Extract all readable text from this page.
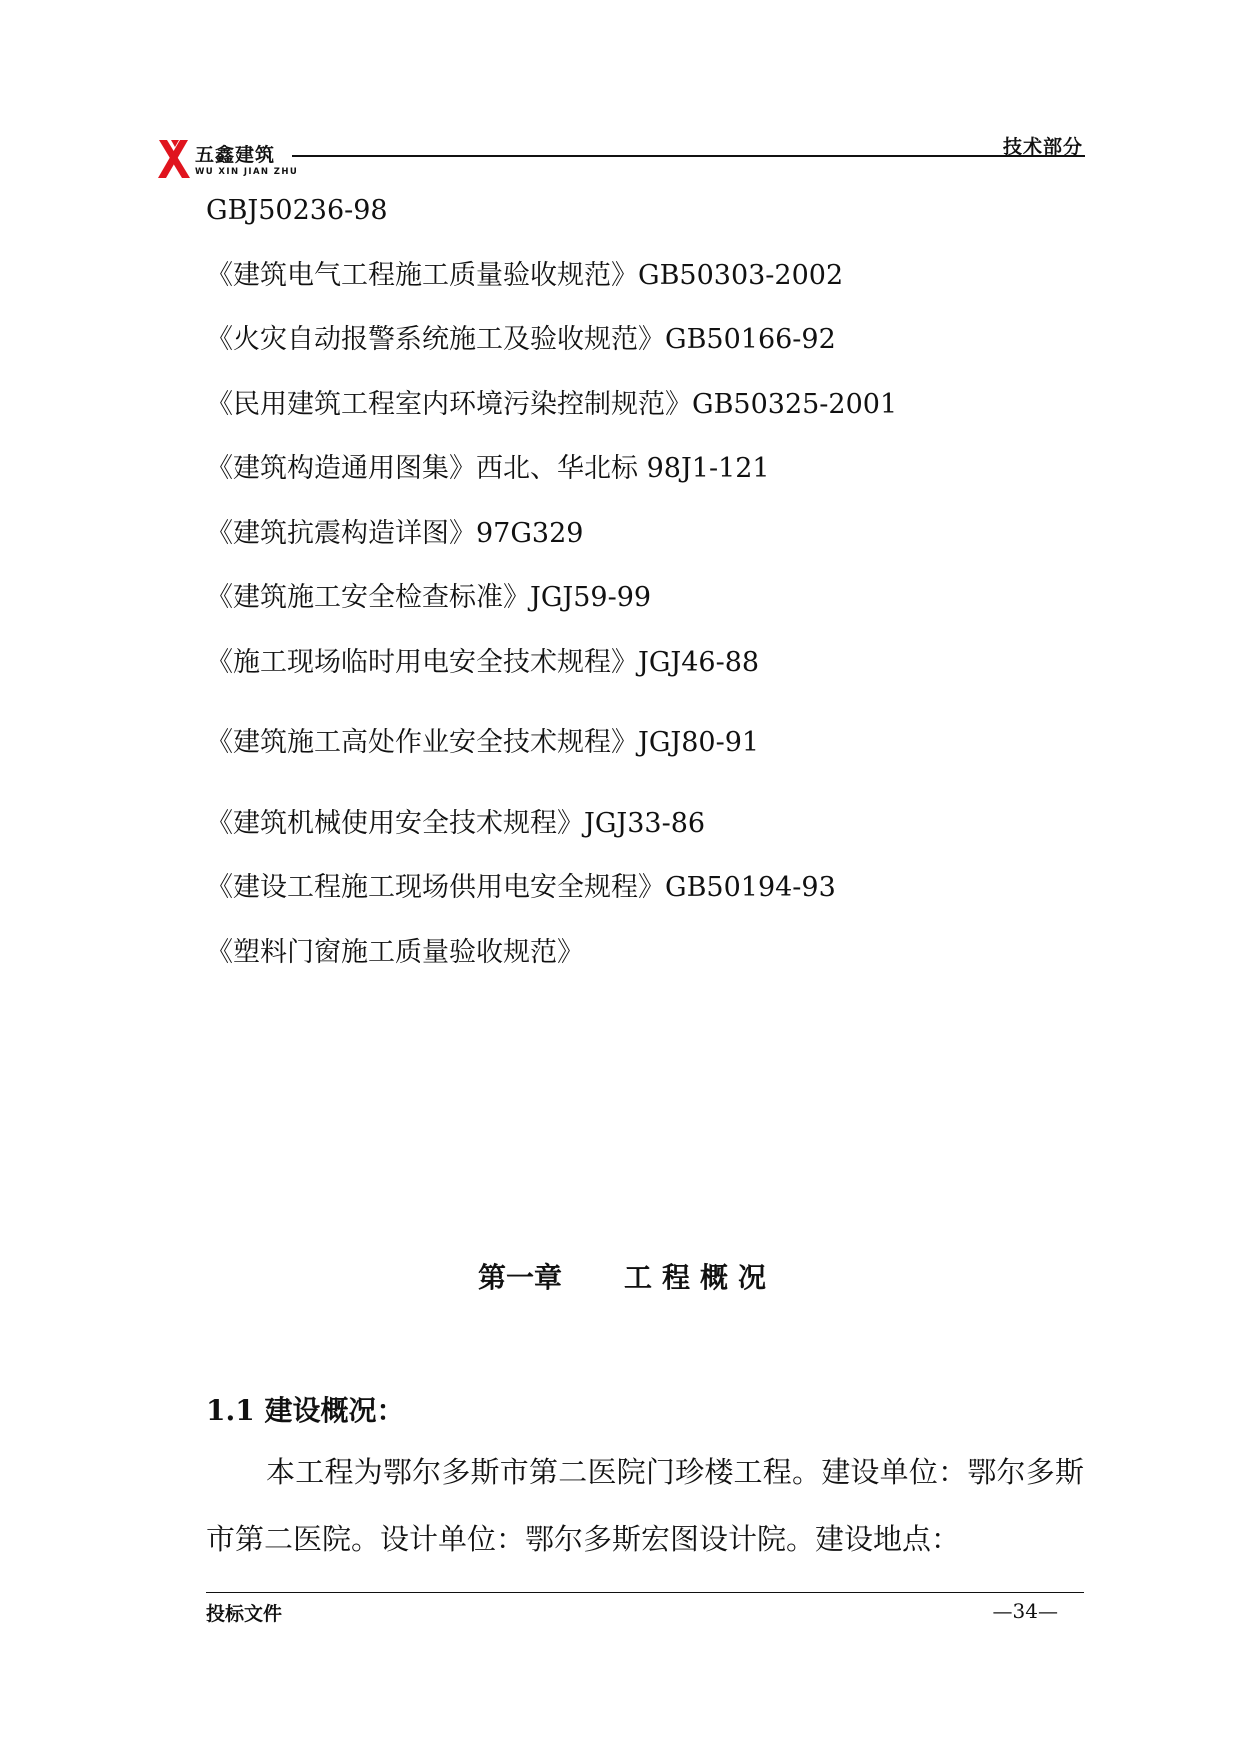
五鑫建筑
WU XIN JIAN ZHU
技术部分
GBJ50236-98
《建筑电气工程施工质量验收规范》GB50303-2002
《火灾自动报警系统施工及验收规范》GB50166-92
《民用建筑工程室内环境污染控制规范》GB50325-2001
《建筑构造通用图集》西北、华北标 98J1-121
《建筑抗震构造详图》97G329
《建筑施工安全检查标准》JGJ59-99
《施工现场临时用电安全技术规程》JGJ46-88
《建筑施工高处作业安全技术规程》JGJ80-91
《建筑机械使用安全技术规程》JGJ33-86
《建设工程施工现场供用电安全规程》GB50194-93
《塑料门窗施工质量验收规范》
第一章 工程概况
1.1 建设概况：

本工程为鄂尔多斯市第二医院门珍楼工程。建设单位：鄂尔多斯市第二医院。设计单位：鄂尔多斯宏图设计院。建设地点：

投标文件	—34—
